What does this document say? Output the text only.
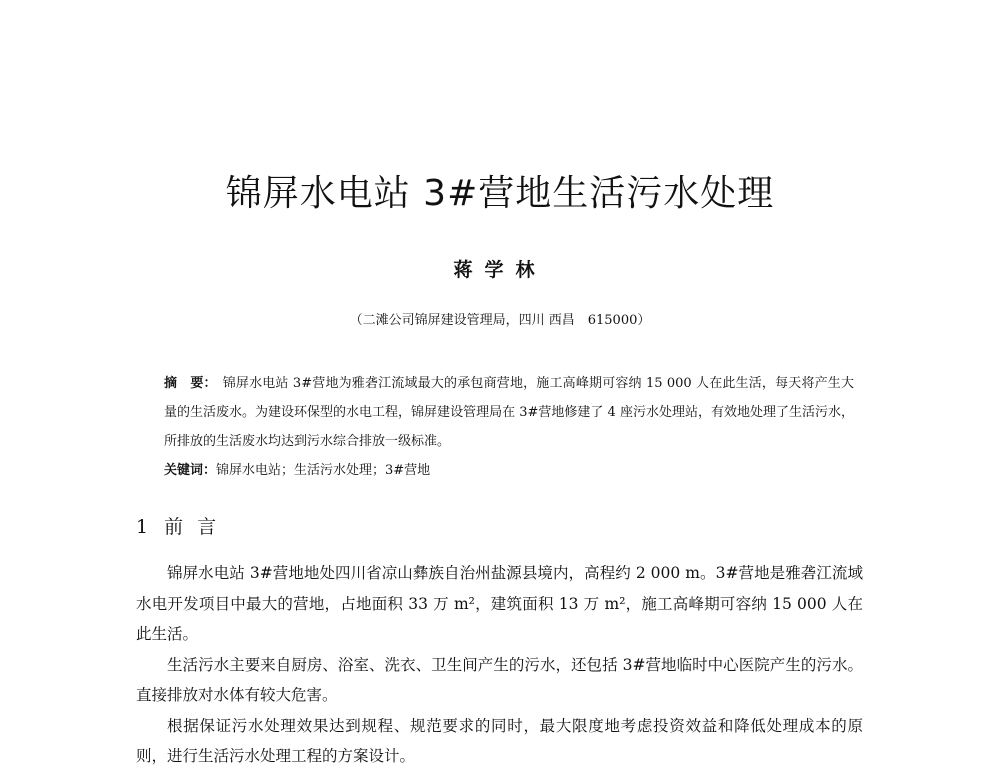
锦屏水电站 3#营地生活污水处理
蒋学林
（二滩公司锦屏建设管理局，四川 西昌　615000）

摘　要： 锦屏水电站 3#营地为雅砻江流域最大的承包商营地，施工高峰期可容纳 15 000 人在此生活，每天将产生大量的生活废水。为建设环保型的水电工程，锦屏建设管理局在 3#营地修建了 4 座污水处理站，有效地处理了生活污水，所排放的生活废水均达到污水综合排放一级标准。

关键词：锦屏水电站；生活污水处理；3#营地
1 前言

锦屏水电站 3#营地地处四川省凉山彝族自治州盐源县境内，高程约 2 000 m。3#营地是雅砻江流域水电开发项目中最大的营地，占地面积 33 万 m²，建筑面积 13 万 m²，施工高峰期可容纳 15 000 人在此生活。

生活污水主要来自厨房、浴室、洗衣、卫生间产生的污水，还包括 3#营地临时中心医院产生的污水。直接排放对水体有较大危害。

根据保证污水处理效果达到规程、规范要求的同时，最大限度地考虑投资效益和降低处理成本的原则，进行生活污水处理工程的方案设计。
